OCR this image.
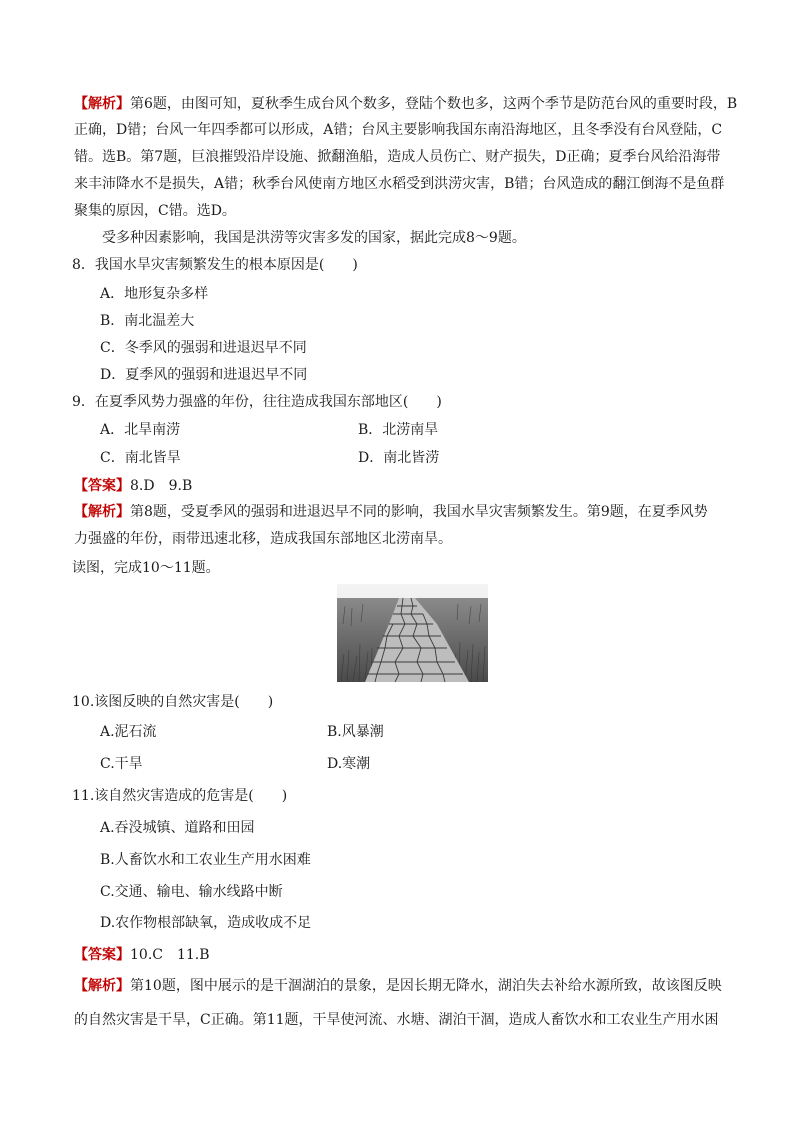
【解析】第6题，由图可知，夏秋季生成台风个数多，登陆个数也多，这两个季节是防范台风的重要时段，B
正确，D错；台风一年四季都可以形成，A错；台风主要影响我国东南沿海地区，且冬季没有台风登陆，C
错。选B。第7题，巨浪摧毁沿岸设施、掀翻渔船，造成人员伤亡、财产损失，D正确；夏季台风给沿海带
来丰沛降水不是损失，A错；秋季台风使南方地区水稻受到洪涝灾害，B错；台风造成的翻江倒海不是鱼群
聚集的原因，C错。选D。
受多种因素影响，我国是洪涝等灾害多发的国家，据此完成8～9题。
8．我国水旱灾害频繁发生的根本原因是(　　)
A．地形复杂多样
B．南北温差大
C．冬季风的强弱和进退迟早不同
D．夏季风的强弱和进退迟早不同
9．在夏季风势力强盛的年份，往往造成我国东部地区(　　)
A．北旱南涝	B．北涝南旱
C．南北皆旱	D．南北皆涝
【答案】8.D　9.B
【解析】第8题，受夏季风的强弱和进退迟早不同的影响，我国水旱灾害频繁发生。第9题，在夏季风势
力强盛的年份，雨带迅速北移，造成我国东部地区北涝南旱。
读图，完成10～11题。
10.该图反映的自然灾害是(　　)
A.泥石流	B.风暴潮
C.干旱	D.寒潮
11.该自然灾害造成的危害是(　　)
A.吞没城镇、道路和田园
B.人畜饮水和工农业生产用水困难
C.交通、输电、输水线路中断
D.农作物根部缺氧，造成收成不足
【答案】10.C　11.B
【解析】第10题，图中展示的是干涸湖泊的景象，是因长期无降水，湖泊失去补给水源所致，故该图反映
的自然灾害是干旱，C正确。第11题，干旱使河流、水塘、湖泊干涸，造成人畜饮水和工农业生产用水困
